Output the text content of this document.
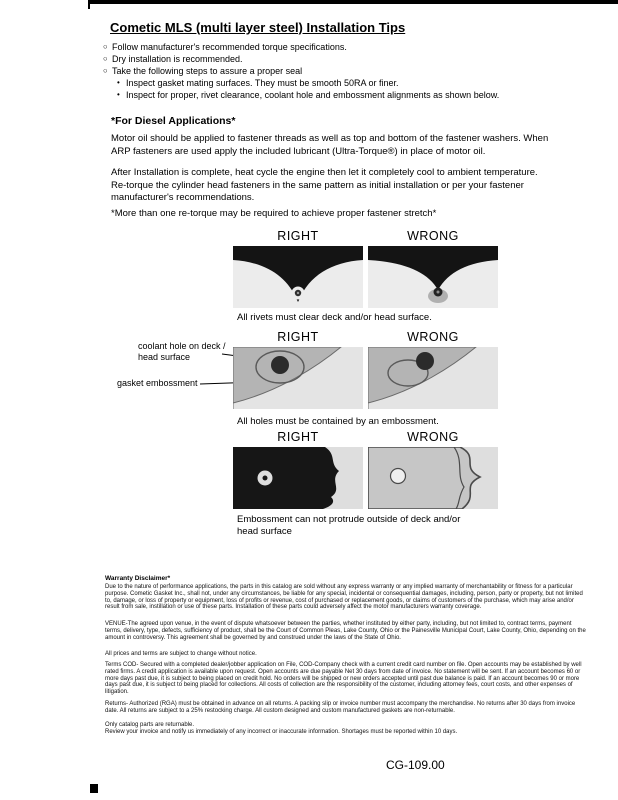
Cometic MLS (multi layer steel) Installation Tips
○ Follow manufacturer's recommended torque specifications.
○ Dry installation is recommended.
○ Take the following steps to assure a proper seal
• Inspect gasket mating surfaces. They must be smooth 50RA or finer.
• Inspect for proper, rivet clearance, coolant hole and embossment alignments as shown below.
*For Diesel Applications*
Motor oil should be applied to fastener threads as well as top and bottom of the fastener washers. When ARP fasteners are used apply the included lubricant (Ultra-Torque®) in place of motor oil.
After Installation is complete, heat cycle the engine then let it completely cool to ambient temperature. Re-torque the cylinder head fasteners in the same pattern as initial installation or per your fastener manufacturer's recommendations.
*More than one re-torque may be required to achieve proper fastener stretch*
RIGHT	WRONG
All rivets must clear deck and/or head surface.
coolant hole on deck / head surface
gasket embossment
RIGHT	WRONG
All holes must be contained by an embossment.
RIGHT	WRONG
Embossment can not protrude outside of deck and/or head surface
Warranty Disclaimer*
Due to the nature of performance applications, the parts in this catalog are sold without any express warranty or any implied warranty of merchantability or fitness for a particular purpose. Cometic Gasket Inc., shall not, under any circumstances, be liable for any special, incidental or consequential damages, including, person, party or property, but not limited to, damage, or loss of property or equipment, loss of profits or revenue, cost of purchased or replacement goods, or claims of customers of the purchase, which may arise and/or result from sale, instillation or use of these parts. Installation of these parts could adversely affect the motor manufacturers warranty coverage.
VENUE-The agreed upon venue, in the event of dispute whatsoever between the parties, whether instituted by either party, including, but not limited to, contract terms, payment terms, delivery, type, defects, sufficiency of product, shall be the Court of Common Pleas, Lake County, Ohio or the Painesville Municipal Court, Lake County, Ohio, depending on the amount in controversy. This agreement shall be governed by and construed under the laws of the State of Ohio.
All prices and terms are subject to change without notice.
Terms COD- Secured with a completed dealer/jobber application on File, COD-Company check with a current credit card number on file. Open accounts may be established by well rated firms. A credit application is available upon request. Open accounts are due payable Net 30 days from date of invoice. No statement will be sent. If an account becomes 60 or more days past due, it is subject to being placed on credit hold. No orders will be shipped or new orders accepted until past due balance is paid. If an account becomes 90 or more days past due, it is subject to being placed for collections. All costs of collection are the responsibility of the customer, including attorney fees, court costs, and other expenses of litigation.
Returns- Authorized (RGA) must be obtained in advance on all returns. A packing slip or invoice number must accompany the merchandise. No returns after 30 days from invoice date. All returns are subject to a 25% restocking charge. All custom designed and custom manufactured gaskets are non-returnable.
Only catalog parts are returnable.
Review your invoice and notify us immediately of any incorrect or inaccurate information. Shortages must be reported within 10 days.
CG-109.00
